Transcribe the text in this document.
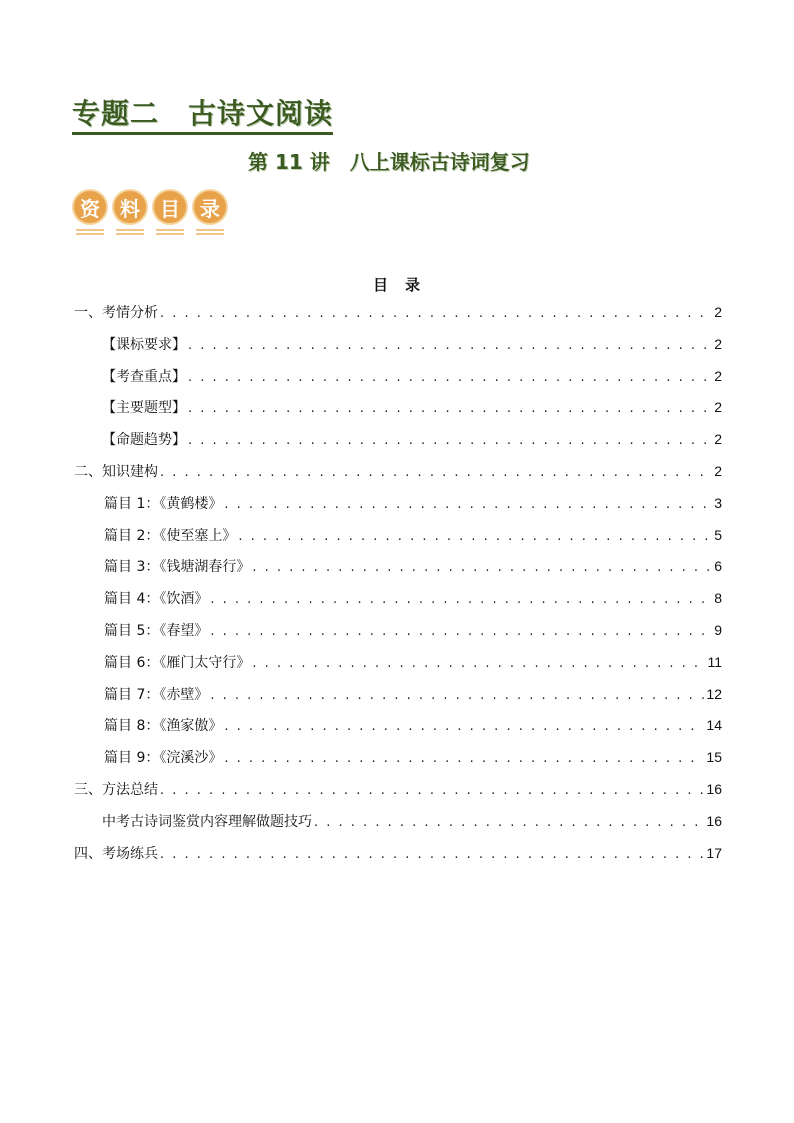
专题二　古诗文阅读
第 11 讲　八上课标古诗词复习
资	料	目	录
目　录
一、考情分析 . . .	2
【课标要求】 . . .	2
【考查重点】 . . .	2
【主要题型】 . . .	2
【命题趋势】 . . .	2
二、知识建构 . . .	2
篇目 1：《黄鹤楼》 . . .	3
篇目 2：《使至塞上》 . . .	5
篇目 3：《钱塘湖春行》 . . .	6
篇目 4：《饮酒》 . . .	8
篇目 5：《春望》 . . .	9
篇目 6：《雁门太守行》 . . .	11
篇目 7：《赤壁》 . . .	12
篇目 8：《渔家傲》 . . .	14
篇目 9：《浣溪沙》 . . .	15
三、方法总结 . . .	16
中考古诗词鉴赏内容理解做题技巧 . . .	16
四、考场练兵 . . .	17
